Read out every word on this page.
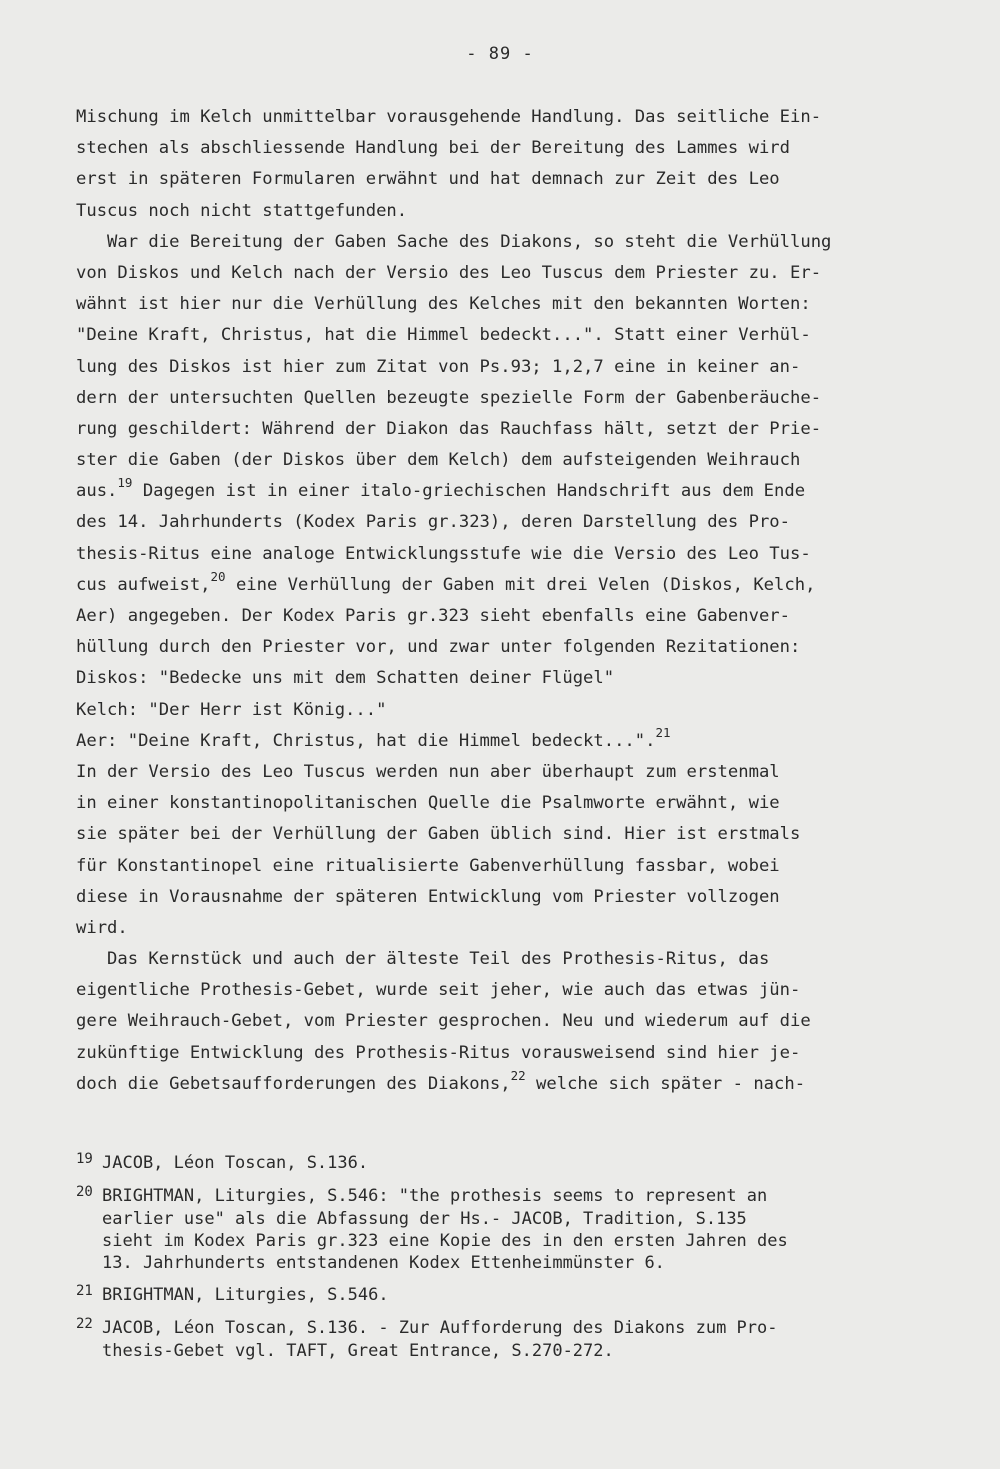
- 89 -
Mischung im Kelch unmittelbar vorausgehende Handlung. Das seitliche Ein-
stechen als abschliessende Handlung bei der Bereitung des Lammes wird
erst in späteren Formularen erwähnt und hat demnach zur Zeit des Leo
Tuscus noch nicht stattgefunden.
War die Bereitung der Gaben Sache des Diakons, so steht die Verhüllung
von Diskos und Kelch nach der Versio des Leo Tuscus dem Priester zu. Er-
wähnt ist hier nur die Verhüllung des Kelches mit den bekannten Worten:
"Deine Kraft, Christus, hat die Himmel bedeckt...". Statt einer Verhül-
lung des Diskos ist hier zum Zitat von Ps.93; 1,2,7 eine in keiner an-
dern der untersuchten Quellen bezeugte spezielle Form der Gabenberäuche-
rung geschildert: Während der Diakon das Rauchfass hält, setzt der Prie-
ster die Gaben (der Diskos über dem Kelch) dem aufsteigenden Weihrauch
aus.$^{19}$ Dagegen ist in einer italo-griechischen Handschrift aus dem Ende
des 14. Jahrhunderts (Kodex Paris gr.323), deren Darstellung des Pro-
thesis-Ritus eine analoge Entwicklungsstufe wie die Versio des Leo Tus-
cus aufweist,$^{20}$ eine Verhüllung der Gaben mit drei Velen (Diskos, Kelch,
Aer) angegeben. Der Kodex Paris gr.323 sieht ebenfalls eine Gabenver-
hüllung durch den Priester vor, und zwar unter folgenden Rezitationen:
Diskos: "Bedecke uns mit dem Schatten deiner Flügel"
Kelch: "Der Herr ist König..."
Aer: "Deine Kraft, Christus, hat die Himmel bedeckt...".$^{21}$
In der Versio des Leo Tuscus werden nun aber überhaupt zum erstenmal
in einer konstantinopolitanischen Quelle die Psalmworte erwähnt, wie
sie später bei der Verhüllung der Gaben üblich sind. Hier ist erstmals
für Konstantinopel eine ritualisierte Gabenverhüllung fassbar, wobei
diese in Vorausnahme der späteren Entwicklung vom Priester vollzogen
wird.
Das Kernstück und auch der älteste Teil des Prothesis-Ritus, das
eigentliche Prothesis-Gebet, wurde seit jeher, wie auch das etwas jün-
gere Weihrauch-Gebet, vom Priester gesprochen. Neu und wiederum auf die
zukünftige Entwicklung des Prothesis-Ritus vorausweisend sind hier je-
doch die Gebetsaufforderungen des Diakons,$^{22}$ welche sich später - nach-
19 JACOB, Léon Toscan, S.136.
20 BRIGHTMAN, Liturgies, S.546: "the prothesis seems to represent an
earlier use" als die Abfassung der Hs.- JACOB, Tradition, S.135
sieht im Kodex Paris gr.323 eine Kopie des in den ersten Jahren des
13. Jahrhunderts entstandenen Kodex Ettenheimmünster 6.
21 BRIGHTMAN, Liturgies, S.546.
22 JACOB, Léon Toscan, S.136. - Zur Aufforderung des Diakons zum Pro-
thesis-Gebet vgl. TAFT, Great Entrance, S.270-272.
